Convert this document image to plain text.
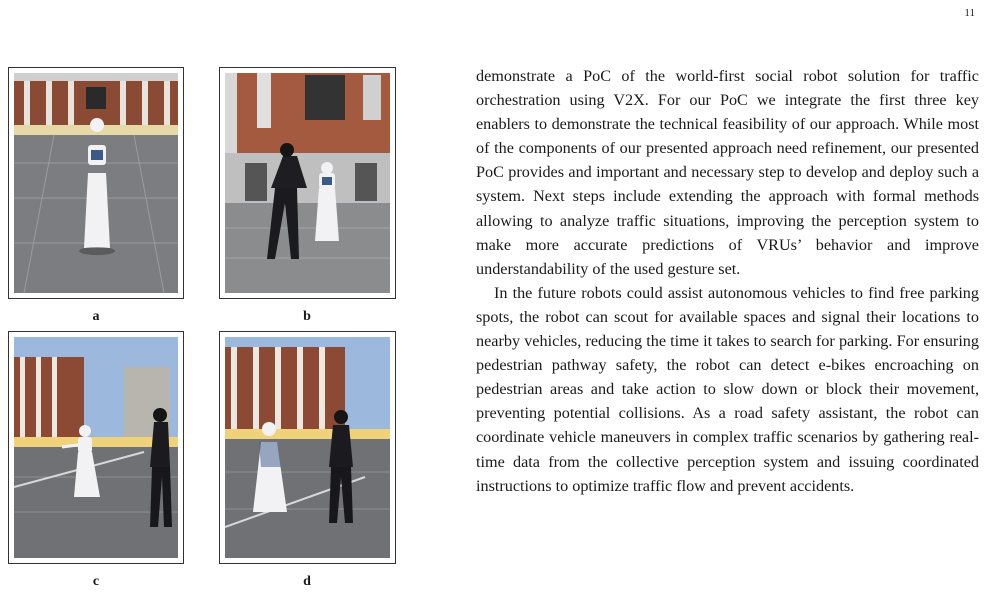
11
a	b
c	d

demonstrate a PoC of the world-first social robot solution for traffic orchestration using V2X. For our PoC we integrate the first three key enablers to demonstrate the technical feasibility of our approach. While most of the components of our presented approach need refinement, our presented PoC provides and important and necessary step to develop and deploy such a system. Next steps include extending the approach with formal methods allowing to analyze traffic situations, improving the perception system to make more accurate predictions of VRUs’ behavior and improve understandability of the used gesture set.

In the future robots could assist autonomous vehicles to find free parking spots, the robot can scout for available spaces and signal their locations to nearby vehicles, reducing the time it takes to search for parking. For ensuring pedestrian pathway safety, the robot can detect e-bikes encroaching on pedestrian areas and take action to slow down or block their movement, preventing potential collisions. As a road safety assistant, the robot can coordinate vehicle maneuvers in complex traffic scenarios by gathering real-time data from the collective perception system and issuing coordinated instructions to optimize traffic flow and prevent accidents.
